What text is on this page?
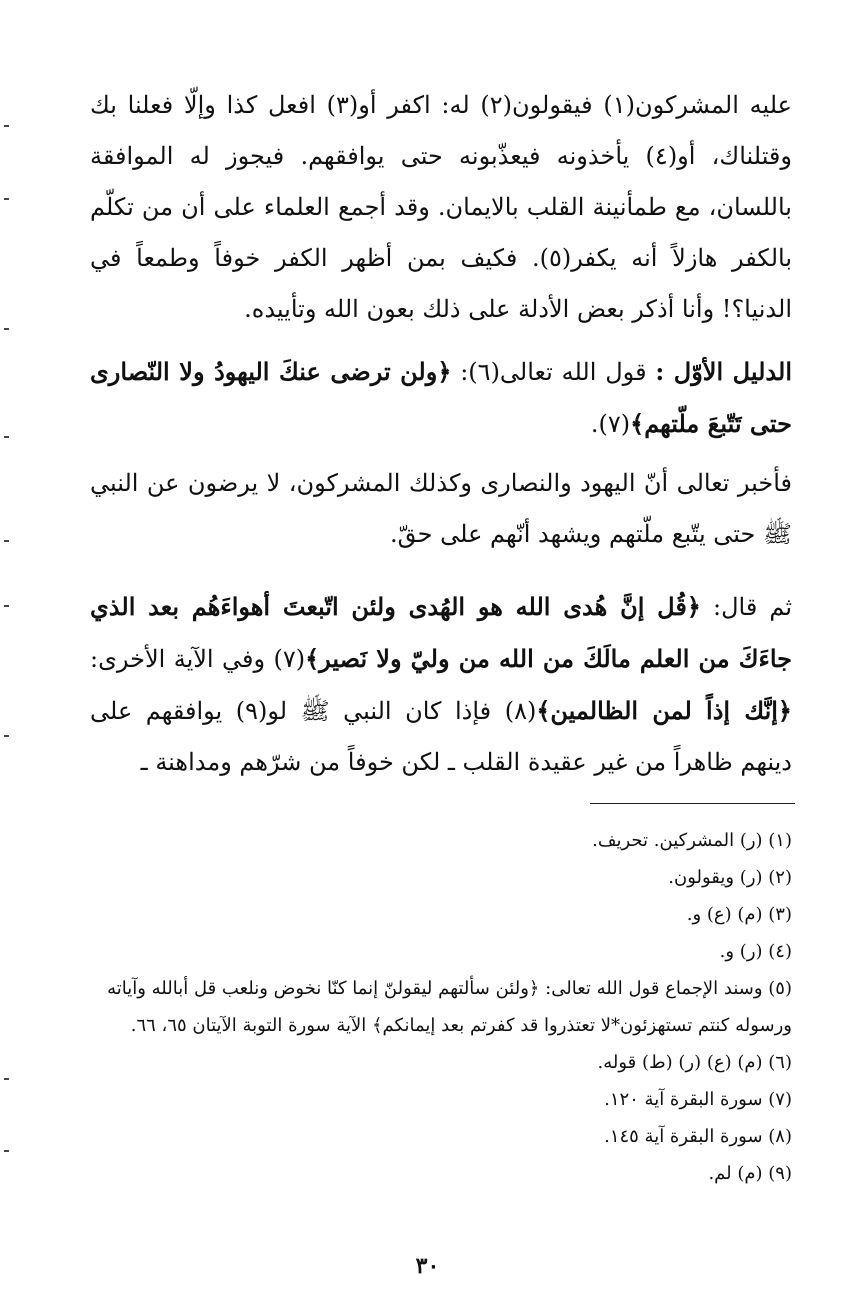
عليه المشركون(١) فيقولون(٢) له: اكفر أو(٣) افعل كذا وإلّا فعلنا بك وقتلناك، أو(٤) يأخذونه فيعذّبونه حتى يوافقهم. فيجوز له الموافقة باللسان، مع طمأنينة القلب بالايمان. وقد أجمع العلماء على أن من تكلّم بالكفر هازلاً أنه يكفر(٥). فكيف بمن أظهر الكفر خوفاً وطمعاً في الدنيا؟! وأنا أذكر بعض الأدلة على ذلك بعون الله وتأييده.

الدليل الأوّل : قول الله تعالى(٦): ﴿ولن ترضى عنكَ اليهودُ ولا النّصارى حتى تَتّبعَ ملّتهم﴾(٧).

فأخبر تعالى أنّ اليهود والنصارى وكذلك المشركون، لا يرضون عن النبي ﷺ حتى يتّبع ملّتهم ويشهد أنّهم على حقّ.

ثم قال: ﴿قُل إنَّ هُدى الله هو الهُدى ولئن اتّبعتَ أهواءَهُم بعد الذي جاءَكَ من العلم مالَكَ من الله من وليّ ولا نَصير﴾(٧) وفي الآية الأخرى: ﴿إنَّك إذاً لمن الظالمين﴾(٨) فإذا كان النبي ﷺ لو(٩) يوافقهم على دينهم ظاهراً من غير عقيدة القلب ـ لكن خوفاً من شرّهم ومداهنة ـ

(١) (ر) المشركين. تحريف.
(٢) (ر) ويقولون.
(٣) (م) (ع) و.
(٤) (ر) و.
(٥) وسند الإجماع قول الله تعالى: ﴿ولئن سألتهم ليقولنّ إنما كنّا نخوض ونلعب قل أبالله وآياته ورسوله كنتم تستهزئون*لا تعتذروا قد كفرتم بعد إيمانكم﴾ الآية سورة التوبة الآيتان ٦٥، ٦٦.
(٦) (م) (ع) (ر) (ط) قوله.
(٧) سورة البقرة آية ١٢٠.
(٨) سورة البقرة آية ١٤٥.
(٩) (م) لم.
٣٠
